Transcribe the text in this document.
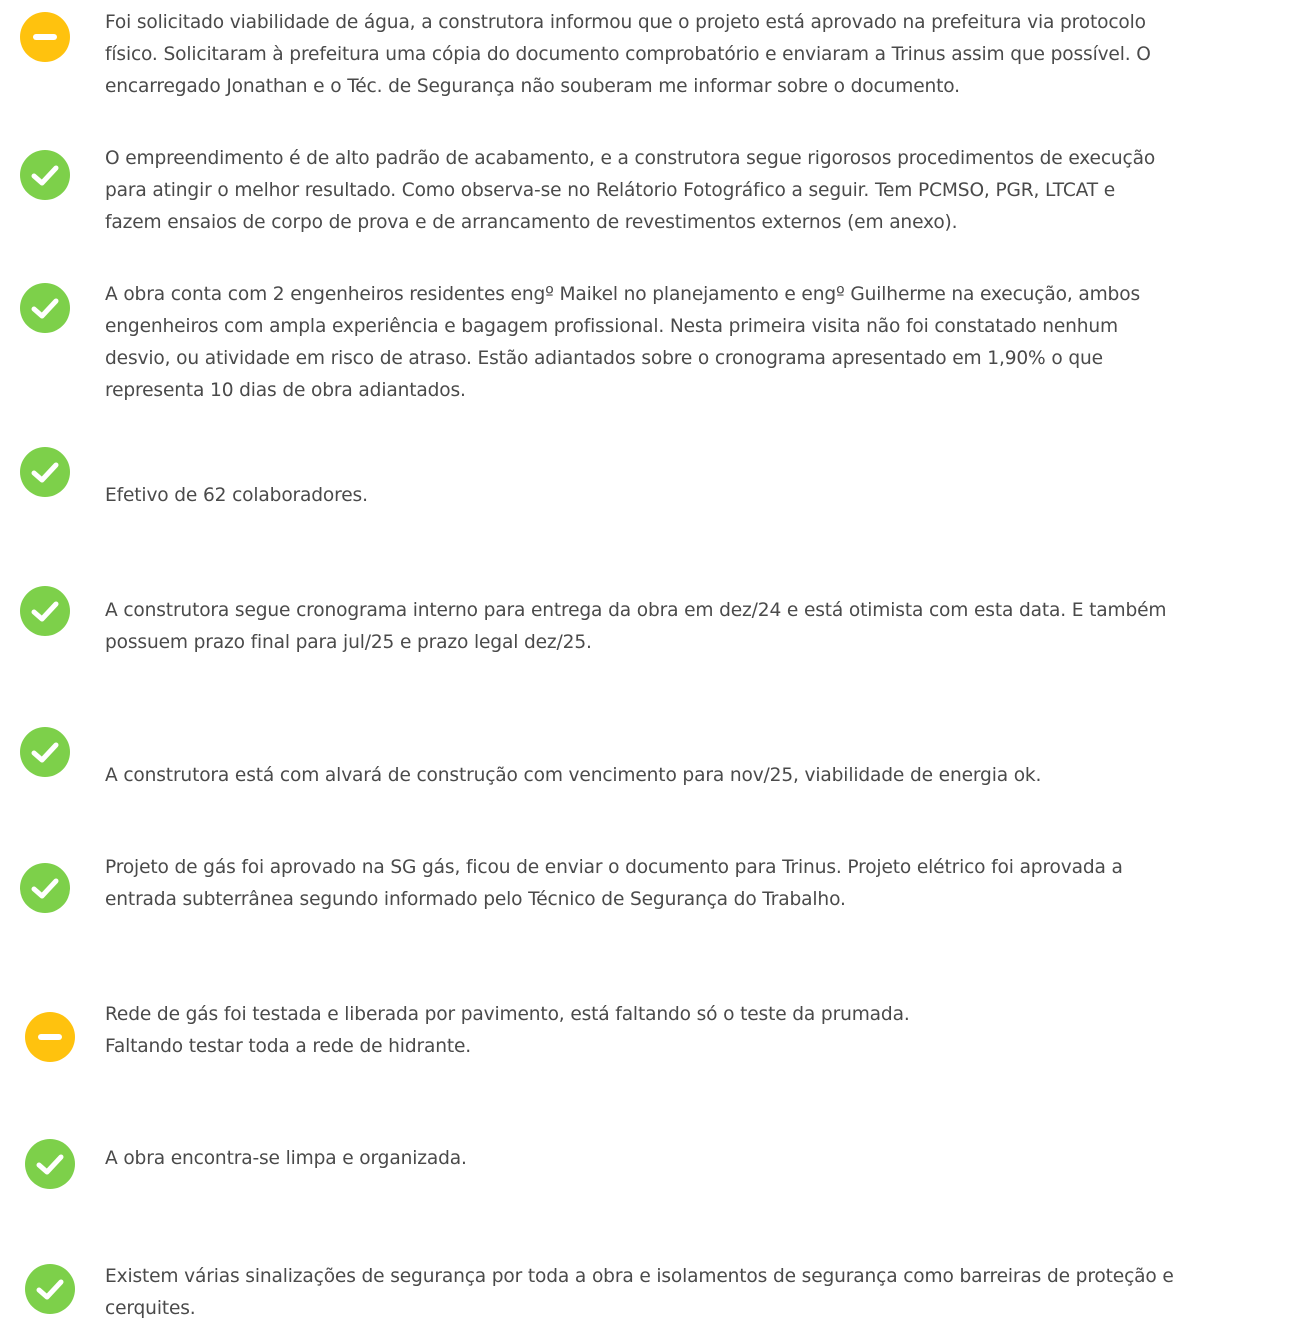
Foi solicitado viabilidade de água, a construtora informou que o projeto está aprovado na prefeitura via protocolo
físico. Solicitaram à prefeitura uma cópia do documento comprobatório e enviaram a Trinus assim que possível. O
encarregado Jonathan e o Téc. de Segurança não souberam me informar sobre o documento.

O empreendimento é de alto padrão de acabamento, e a construtora segue rigorosos procedimentos de execução
para atingir o melhor resultado. Como observa-se no Relátorio Fotográfico a seguir. Tem PCMSO, PGR, LTCAT e
fazem ensaios de corpo de prova e de arrancamento de revestimentos externos (em anexo).

A obra conta com 2 engenheiros residentes engº Maikel no planejamento e engº Guilherme na execução, ambos
engenheiros com ampla experiência e bagagem profissional. Nesta primeira visita não foi constatado nenhum
desvio, ou atividade em risco de atraso. Estão adiantados sobre o cronograma apresentado em 1,90% o que
representa 10 dias de obra adiantados.

Efetivo de 62 colaboradores.

A construtora segue cronograma interno para entrega da obra em dez/24 e está otimista com esta data. E também
possuem prazo final para jul/25 e prazo legal dez/25.

A construtora está com alvará de construção com vencimento para nov/25, viabilidade de energia ok.

Projeto de gás foi aprovado na SG gás, ficou de enviar o documento para Trinus. Projeto elétrico foi aprovada a
entrada subterrânea segundo informado pelo Técnico de Segurança do Trabalho.

Rede de gás foi testada e liberada por pavimento, está faltando só o teste da prumada.
Faltando testar toda a rede de hidrante.

A obra encontra-se limpa e organizada.

Existem várias sinalizações de segurança por toda a obra e isolamentos de segurança como barreiras de proteção e
cerquites.
